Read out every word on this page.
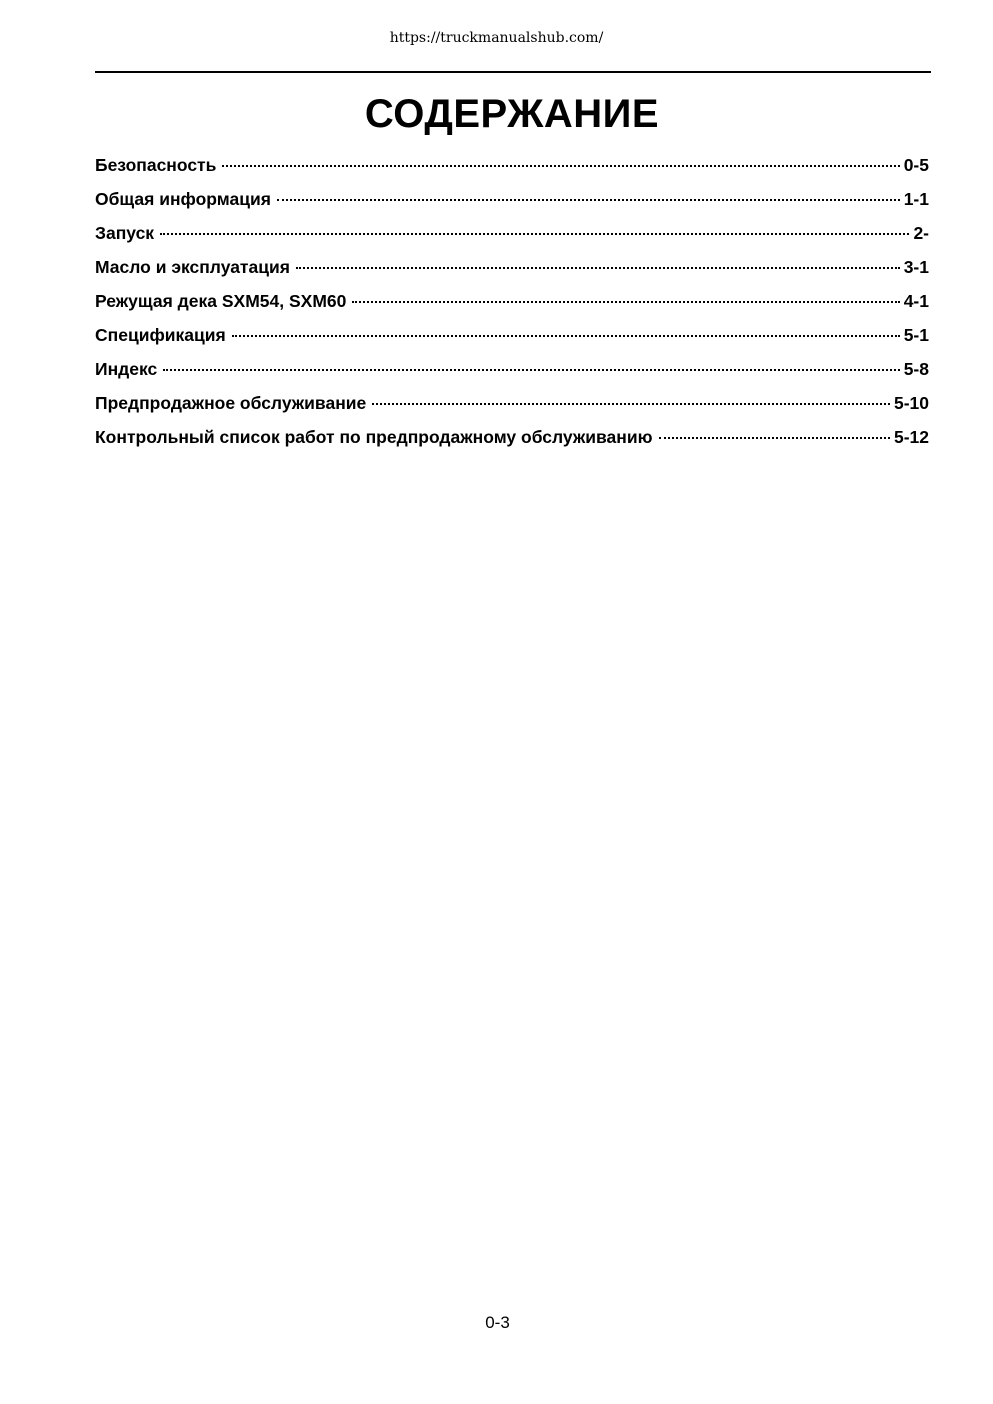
https://truckmanualshub.com/
СОДЕРЖАНИЕ
Безопасность	0-5
Общая информация	1-1
Запуск	2-
Масло и эксплуатация	3-1
Режущая дека SXM54, SXM60	4-1
Спецификация	5-1
Индекс	5-8
Предпродажное обслуживание	5-10
Контрольный список работ по предпродажному обслуживанию	5-12
0-3
